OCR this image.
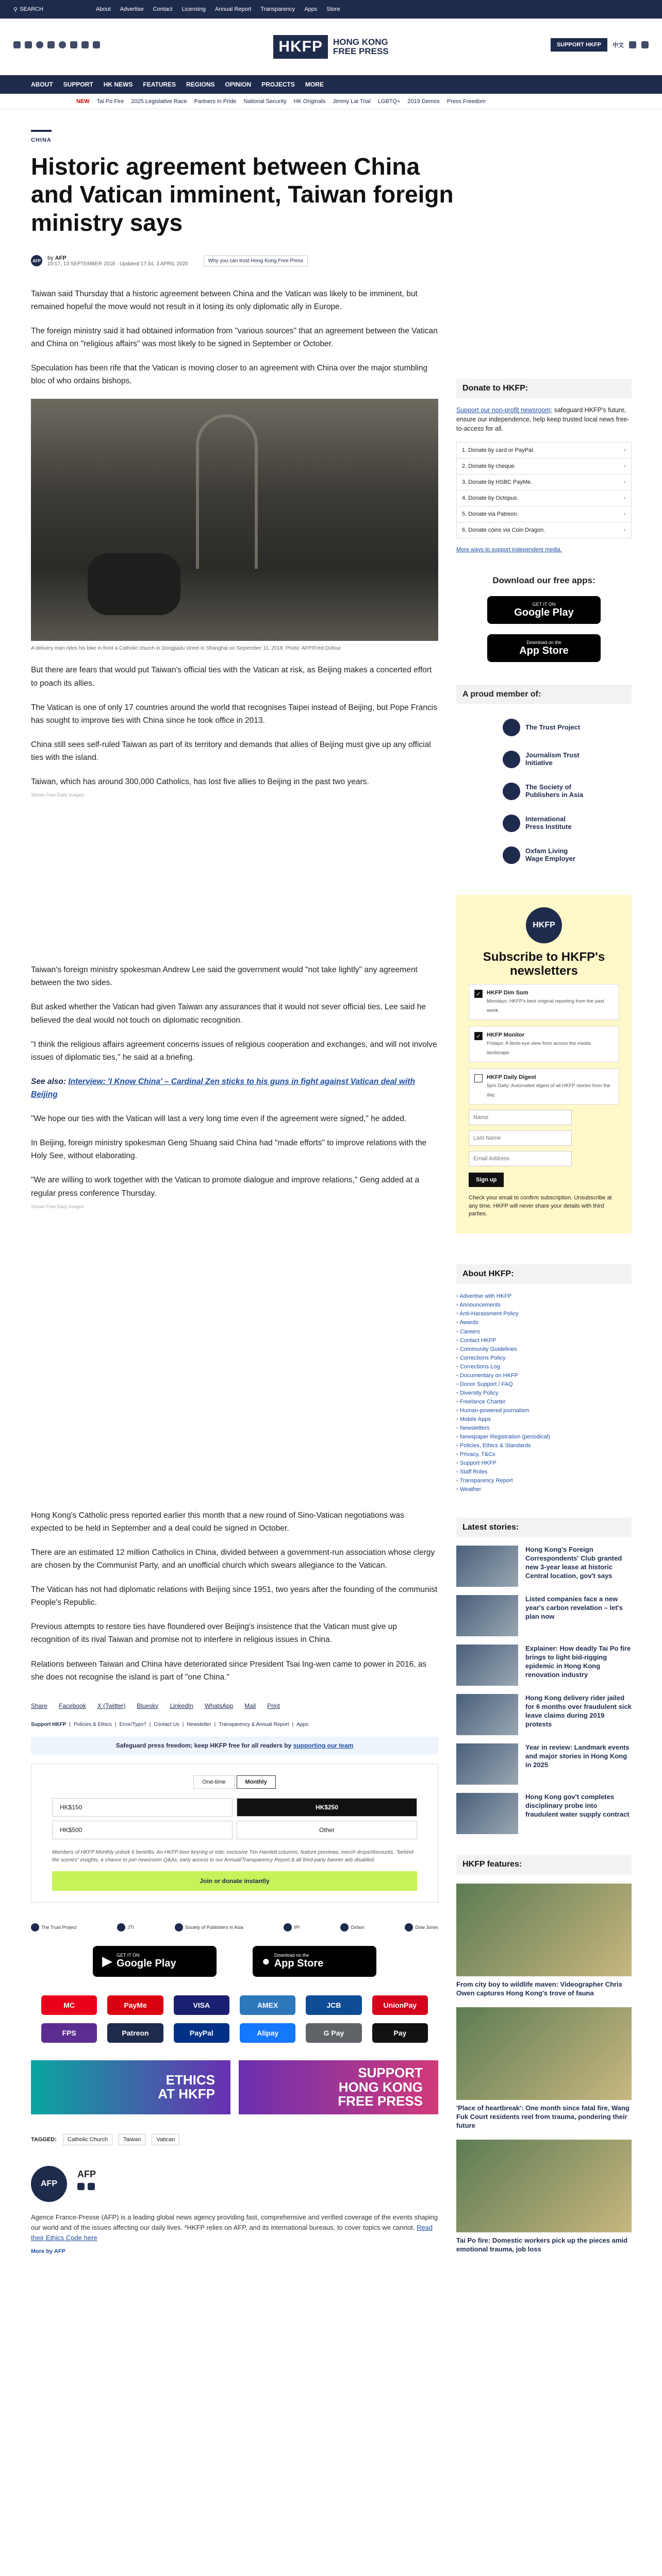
⚲ SEARCH	About Advertise Contact Licensing Annual Report Transparency Apps Store
HKFP	HONG KONG
FREE PRESS
SUPPORT HKFP	中文
ABOUT SUPPORT HK NEWS FEATURES REGIONS OPINION PROJECTS MORE
NEW Tai Po Fire 2025 Legislative Race Partners in Pride National Security HK Originals Jimmy Lai Trial LGBTQ+ 2019 Demos Press Freedom
CHINA
Historic agreement between China and Vatican imminent, Taiwan foreign ministry says
AFP by AFP
15:17, 13 SEPTEMBER 2018 · Updated 17:34, 3 APRIL 2020
Why you can trust Hong Kong Free Press

Taiwan said Thursday that a historic agreement between China and the Vatican was likely to be imminent, but remained hopeful the move would not result in it losing its only diplomatic ally in Europe.

The foreign ministry said it had obtained information from "various sources" that an agreement between the Vatican and China on "religious affairs" was most likely to be signed in September or October.

Speculation has been rife that the Vatican is moving closer to an agreement with China over the major stumbling bloc of who ordains bishops.

A delivery man rides his bike in front a Catholic church in Dongjiadu street in Shanghai on September 11, 2018. Photo: AFP/Fred Dufour.

But there are fears that would put Taiwan's official ties with the Vatican at risk, as Beijing makes a concerted effort to poach its allies.

The Vatican is one of only 17 countries around the world that recognises Taipei instead of Beijing, but Pope Francis has sought to improve ties with China since he took office in 2013.

China still sees self-ruled Taiwan as part of its territory and demands that allies of Beijing must give up any official ties with the island.

Taiwan, which has around 300,000 Catholics, has lost five allies to Beijing in the past two years.

Shows Free Daily Images

Taiwan's foreign ministry spokesman Andrew Lee said the government would "not take lightly" any agreement between the two sides.

But asked whether the Vatican had given Taiwan any assurances that it would not sever official ties, Lee said he believed the deal would not touch on diplomatic recognition.

"I think the religious affairs agreement concerns issues of religious cooperation and exchanges, and will not involve issues of diplomatic ties," he said at a briefing.

See also: Interview: 'I Know China' – Cardinal Zen sticks to his guns in fight against Vatican deal with Beijing

"We hope our ties with the Vatican will last a very long time even if the agreement were signed," he added.

In Beijing, foreign ministry spokesman Geng Shuang said China had "made efforts" to improve relations with the Holy See, without elaborating.

"We are willing to work together with the Vatican to promote dialogue and improve relations," Geng added at a regular press conference Thursday.

Shows Free Daily Images

Hong Kong's Catholic press reported earlier this month that a new round of Sino-Vatican negotiations was expected to be held in September and a deal could be signed in October.

There are an estimated 12 million Catholics in China, divided between a government-run association whose clergy are chosen by the Communist Party, and an unofficial church which swears allegiance to the Vatican.

The Vatican has not had diplomatic relations with Beijing since 1951, two years after the founding of the communist People's Republic.

Previous attempts to restore ties have floundered over Beijing's insistence that the Vatican must give up recognition of its rival Taiwan and promise not to interfere in religious issues in China.

Relations between Taiwan and China have deteriorated since President Tsai Ing-wen came to power in 2016, as she does not recognise the island is part of "one China."

Share Facebook X (Twitter) Bluesky LinkedIn WhatsApp Mail Print
Support HKFP | Policies & Ethics | Error/Typo? | Contact Us | Newsletter | Transparency & Annual Report | Apps
Safeguard press freedom; keep HKFP free for all readers by supporting our team
One-time	Monthly
HK$150	HK$250
HK$500	Other
Members of HKFP Monthly unlock 6 benefits: An HKFP beer keyring or tote, exclusive Tim Hamlett columns, feature previews, merch drops/discounts, "behind the scenes" insights, a chance to join newsroom Q&As, early access to our Annual/Transparency Report & all third-party banner ads disabled.
Join or donate instantly
The Trust Project	JTI	Society of Publishers in Asia	IPI	Oxfam	Dow Jones
▶ GET IT ON
Google Play	● Download on the
App Store
MC	PayMe	VISA	AMEX	JCB	UnionPay
FPS	Patreon	PayPal	Alipay	G Pay	Pay
ETHICS
AT HKFP
SUPPORT
HONG KONG
FREE PRESS
TAGGED:	Catholic Church	Taiwan	Vatican
AFP
AFP
Agence France-Presse (AFP) is a leading global news agency providing fast, comprehensive and verified coverage of the events shaping our world and of the issues affecting our daily lives. *HKFP relies on AFP, and its international bureaus, to cover topics we cannot. Read their Ethics Code here
More by AFP
Donate to HKFP:
Support our non-profit newsroom; safeguard HKFP's future, ensure our independence, help keep trusted local news free-to-access for all.
1. Donate by card or PayPal. ›
2. Donate by cheque. ›
3. Donate by HSBC PayMe. ›
4. Donate by Octopus. ›
5. Donate via Patreon. ›
6. Donate coins via Coin Dragon. ›
More ways to support independent media.
Download our free apps:
GET IT ON
Google Play
Download on the
App Store
A proud member of:
The Trust Project
Journalism Trust Initiative
The Society of Publishers in Asia
International Press Institute
Oxfam Living Wage Employer
HKFP
Subscribe to HKFP's newsletters
✓	HKFP Dim Sum
Mondays: HKFP's best original reporting from the past week.
✓	HKFP Monitor
Fridays: A birds-eye view from across the media landscape.
HKFP Daily Digest
5pm Daily: Automated digest of all HKFP stories from the day.
Name
Last Name
Email Address
Sign up
Check your email to confirm subscription. Unsubscribe at any time. HKFP will never share your details with third parties.
About HKFP:
• Advertise with HKFP
• Announcements
• Anti-Harassment Policy
• Awards
• Careers
• Contact HKFP
• Community Guidelines
• Corrections Policy
• Corrections Log
• Documentary on HKFP
• Donor Support / FAQ
• Diversity Policy
• Freelance Charter
• Human-powered journalism
• Mobile Apps
• Newsletters
• Newspaper Registration (periodical)
• Policies, Ethics & Standards
• Privacy, T&Cs
• Support HKFP
• Staff Roles
• Transparency Report
• Weather
Latest stories:
Hong Kong's Foreign Correspondents' Club granted new 3-year lease at historic Central location, gov't says
Listed companies face a new year's carbon revelation – let's plan now
Explainer: How deadly Tai Po fire brings to light bid-rigging epidemic in Hong Kong renovation industry
Hong Kong delivery rider jailed for 6 months over fraudulent sick leave claims during 2019 protests
Year in review: Landmark events and major stories in Hong Kong in 2025
Hong Kong gov't completes disciplinary probe into fraudulent water supply contract
HKFP features:
From city boy to wildlife maven: Videographer Chris Owen captures Hong Kong's trove of fauna
'Place of heartbreak': One month since fatal fire, Wang Fuk Court residents reel from trauma, pondering their future
Tai Po fire: Domestic workers pick up the pieces amid emotional trauma, job loss
